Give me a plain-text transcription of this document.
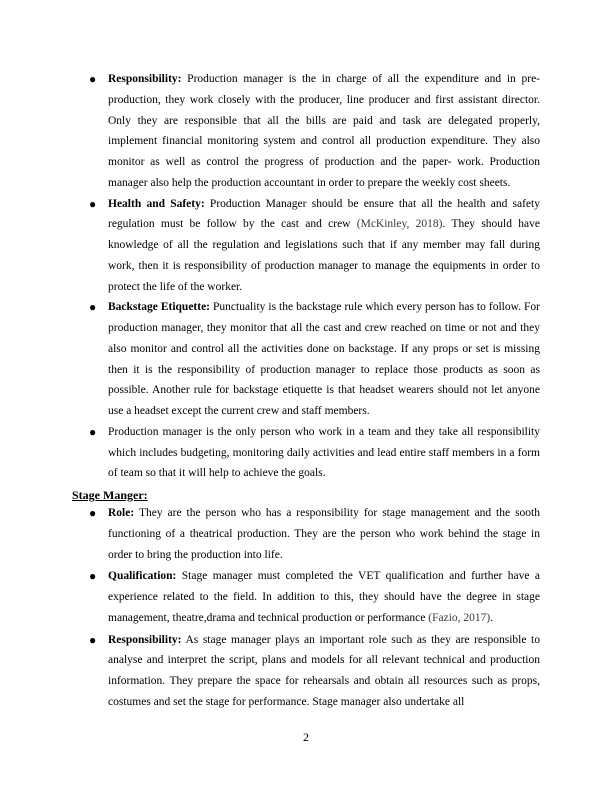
● Responsibility: Production manager is the in charge of all the expenditure and in pre-production, they work closely with the producer, line producer and first assistant director. Only they are responsible that all the bills are paid and task are delegated properly, implement financial monitoring system and control all production expenditure. They also monitor as well as control the progress of production and the paper- work. Production manager also help the production accountant in order to prepare the weekly cost sheets.

● Health and Safety: Production Manager should be ensure that all the health and safety regulation must be follow by the cast and crew (McKinley, 2018). They should have knowledge of all the regulation and legislations such that if any member may fall during work, then it is responsibility of production manager to manage the equipments in order to protect the life of the worker.

● Backstage Etiquette: Punctuality is the backstage rule which every person has to follow. For production manager, they monitor that all the cast and crew reached on time or not and they also monitor and control all the activities done on backstage. If any props or set is missing then it is the responsibility of production manager to replace those products as soon as possible. Another rule for backstage etiquette is that headset wearers should not let anyone use a headset except the current crew and staff members.

● Production manager is the only person who work in a team and they take all responsibility which includes budgeting, monitoring daily activities and lead entire staff members in a form of team so that it will help to achieve the goals.

Stage Manger:
● Role: They are the person who has a responsibility for stage management and the sooth functioning of a theatrical production. They are the person who work behind the stage in order to bring the production into life.

● Qualification: Stage manager must completed the VET qualification and further have a experience related to the field. In addition to this, they should have the degree in stage management, theatre,drama and technical production or performance (Fazio, 2017).

● Responsibility: As stage manager plays an important role such as they are responsible to analyse and interpret the script, plans and models for all relevant technical and production information. They prepare the space for rehearsals and obtain all resources such as props, costumes and set the stage for performance. Stage manager also undertake all

2
